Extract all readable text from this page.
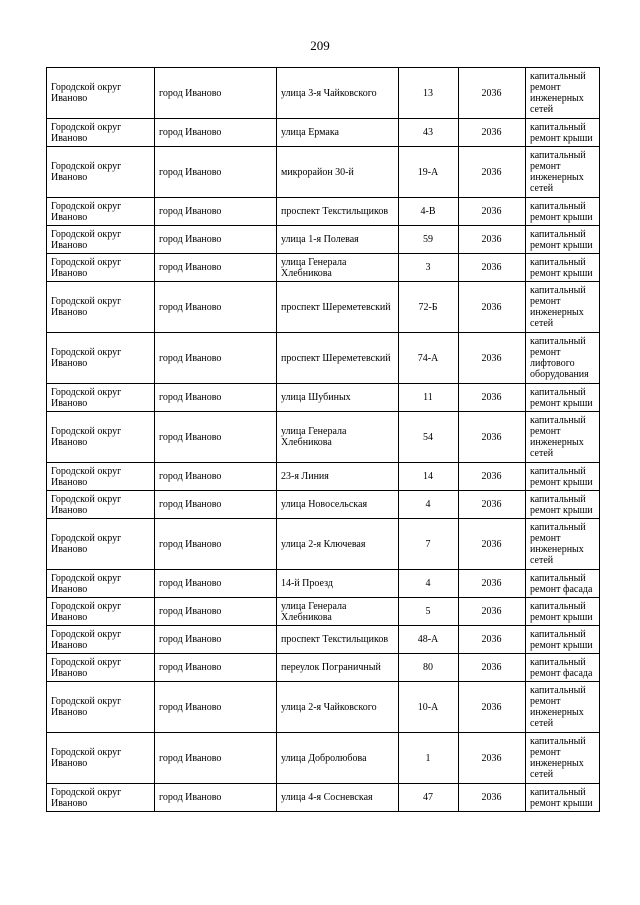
209
Городской округ Иваново	город Иваново	улица 3-я Чайковского	13	2036	капитальный ремонт инженерных сетей
Городской округ Иваново	город Иваново	улица Ермака	43	2036	капитальный ремонт крыши
Городской округ Иваново	город Иваново	микрорайон 30-й	19-А	2036	капитальный ремонт инженерных сетей
Городской округ Иваново	город Иваново	проспект Текстильщиков	4-В	2036	капитальный ремонт крыши
Городской округ Иваново	город Иваново	улица 1-я Полевая	59	2036	капитальный ремонт крыши
Городской округ Иваново	город Иваново	улица Генерала Хлебникова	3	2036	капитальный ремонт крыши
Городской округ Иваново	город Иваново	проспект Шереметевский	72-Б	2036	капитальный ремонт инженерных сетей
Городской округ Иваново	город Иваново	проспект Шереметевский	74-А	2036	капитальный ремонт лифтового оборудования
Городской округ Иваново	город Иваново	улица Шубиных	11	2036	капитальный ремонт крыши
Городской округ Иваново	город Иваново	улица Генерала Хлебникова	54	2036	капитальный ремонт инженерных сетей
Городской округ Иваново	город Иваново	23-я Линия	14	2036	капитальный ремонт крыши
Городской округ Иваново	город Иваново	улица Новосельская	4	2036	капитальный ремонт крыши
Городской округ Иваново	город Иваново	улица 2-я Ключевая	7	2036	капитальный ремонт инженерных сетей
Городской округ Иваново	город Иваново	14-й Проезд	4	2036	капитальный ремонт фасада
Городской округ Иваново	город Иваново	улица Генерала Хлебникова	5	2036	капитальный ремонт крыши
Городской округ Иваново	город Иваново	проспект Текстильщиков	48-А	2036	капитальный ремонт крыши
Городской округ Иваново	город Иваново	переулок Пограничный	80	2036	капитальный ремонт фасада
Городской округ Иваново	город Иваново	улица 2-я Чайковского	10-А	2036	капитальный ремонт инженерных сетей
Городской округ Иваново	город Иваново	улица Добролюбова	1	2036	капитальный ремонт инженерных сетей
Городской округ Иваново	город Иваново	улица 4-я Сосневская	47	2036	капитальный ремонт крыши
